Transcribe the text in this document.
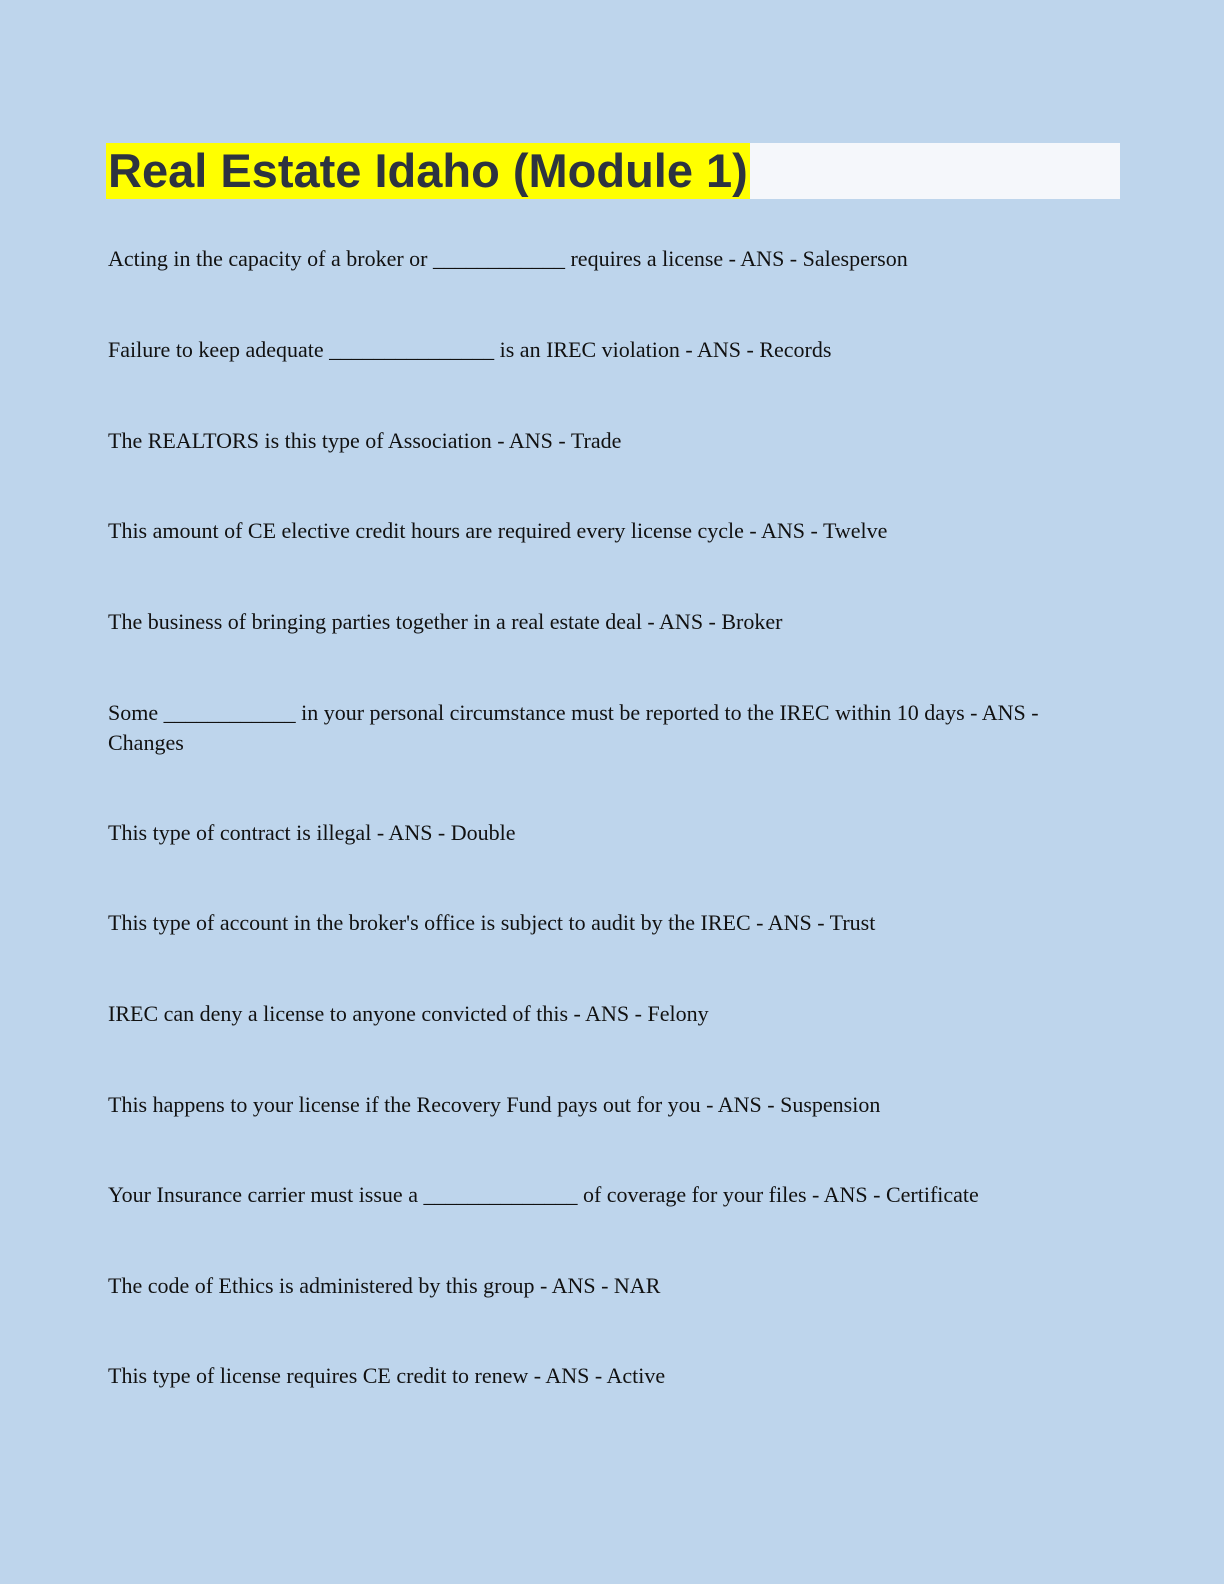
Real Estate Idaho (Module 1)

Acting in the capacity of a broker or ____________ requires a license - ANS - Salesperson

Failure to keep adequate _______________ is an IREC violation - ANS - Records

The REALTORS is this type of Association - ANS - Trade

This amount of CE elective credit hours are required every license cycle - ANS - Twelve

The business of bringing parties together in a real estate deal - ANS - Broker

Some ____________ in your personal circumstance must be reported to the IREC within 10 days - ANS - Changes

This type of contract is illegal - ANS - Double

This type of account in the broker's office is subject to audit by the IREC - ANS - Trust

IREC can deny a license to anyone convicted of this - ANS - Felony

This happens to your license if the Recovery Fund pays out for you - ANS - Suspension

Your Insurance carrier must issue a ______________ of coverage for your files - ANS - Certificate

The code of Ethics is administered by this group - ANS - NAR

This type of license requires CE credit to renew - ANS - Active
